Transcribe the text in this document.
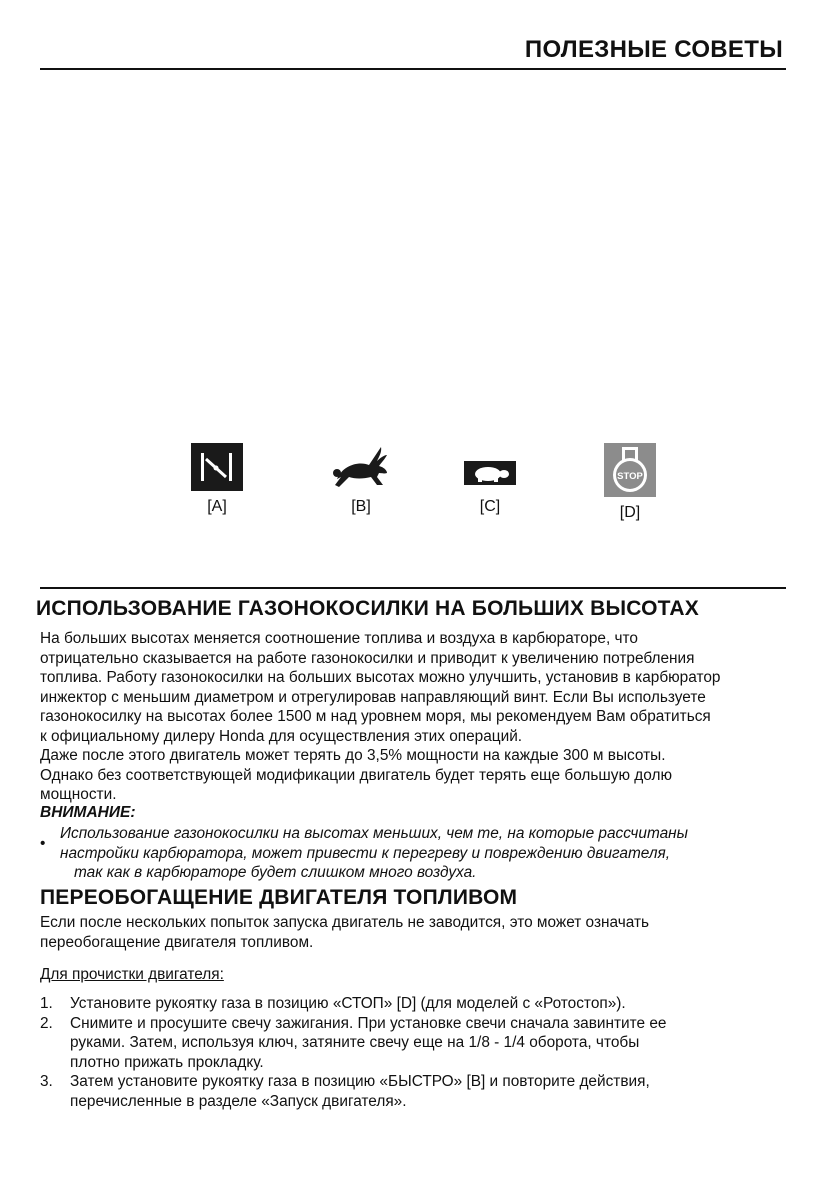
ПОЛЕЗНЫЕ СОВЕТЫ
[A]	[B]	[C]
STOP
[D]
ИСПОЛЬЗОВАНИЕ ГАЗОНОКОСИЛКИ НА БОЛЬШИХ ВЫСОТАХ

На больших высотах меняется соотношение топлива и воздуха в карбюраторе, что

отрицательно сказывается на работе газонокосилки и приводит к увеличению потребления

топлива. Работу газонокосилки на больших высотах можно улучшить, установив в карбюратор

инжектор с меньшим диаметром и отрегулировав направляющий винт. Если Вы используете

газонокосилку на высотах более 1500 м над уровнем моря, мы рекомендуем Вам обратиться

к официальному дилеру Honda для осуществления этих операций.

Даже после этого двигатель может терять до 3,5% мощности на каждые 300 м высоты.

Однако без соответствующей модификации двигатель будет терять еще большую долю

мощности.

ВНИМАНИЕ:
•
Использование газонокосилки на высотах меньших, чем те, на которые рассчитаны
настройки карбюратора, может привести к перегреву и повреждению двигателя,
так как в карбюраторе будет слишком много воздуха.
ПЕРЕОБОГАЩЕНИЕ ДВИГАТЕЛЯ ТОПЛИВОМ

Если после нескольких попыток запуска двигатель не заводится, это может означать

переобогащение двигателя топливом.

Для прочистки двигателя:
1. Установите рукоятку газа в позицию «СТОП» [D] (для моделей с «Ротостоп»).
2. Снимите и просушите свечу зажигания. При установке свечи сначала завинтите ее
руками. Затем, используя ключ, затяните свечу еще на 1/8 - 1/4 оборота, чтобы
плотно прижать прокладку.
3. Затем установите рукоятку газа в позицию «БЫСТРО» [B] и повторите действия,
перечисленные в разделе «Запуск двигателя».
